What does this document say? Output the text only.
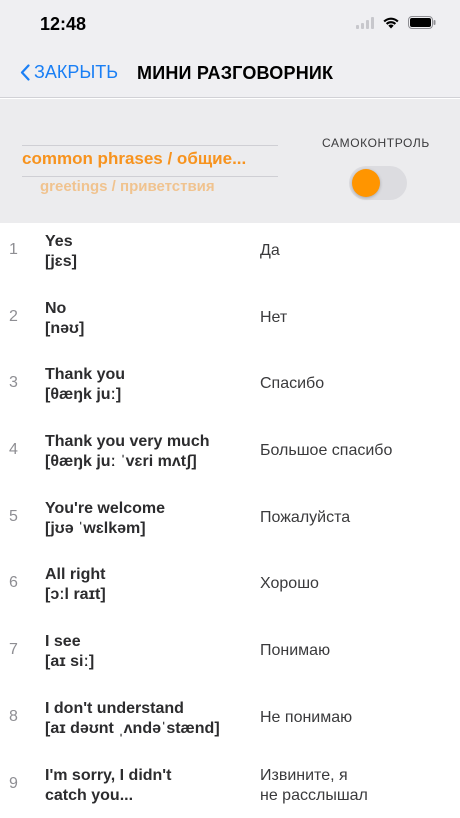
12:48
ЗАКРЫТЬ МИНИ РАЗГОВОРНИК
common phrases / общие...
greetings / приветствия

САМОКОНТРОЛЬ
1 Yes
[jɛs]
Да
2 No
[nəʊ]
Нет
3 Thank you
[θæŋk juː]
Спасибо
4 Thank you very much
[θæŋk juː ˈvɛri mʌtʃ]
Большое спасибо
5 You're welcome
[jʊə ˈwɛlkəm]
Пожалуйста
6 All right
[ɔːl raɪt]
Хорошо
7 I see
[aɪ siː]
Понимаю
8 I don't understand
[aɪ dəʊnt ˌʌndəˈstænd]
Не понимаю
9 I'm sorry, I didn't
catch you...
Извините, я
не расслышал
